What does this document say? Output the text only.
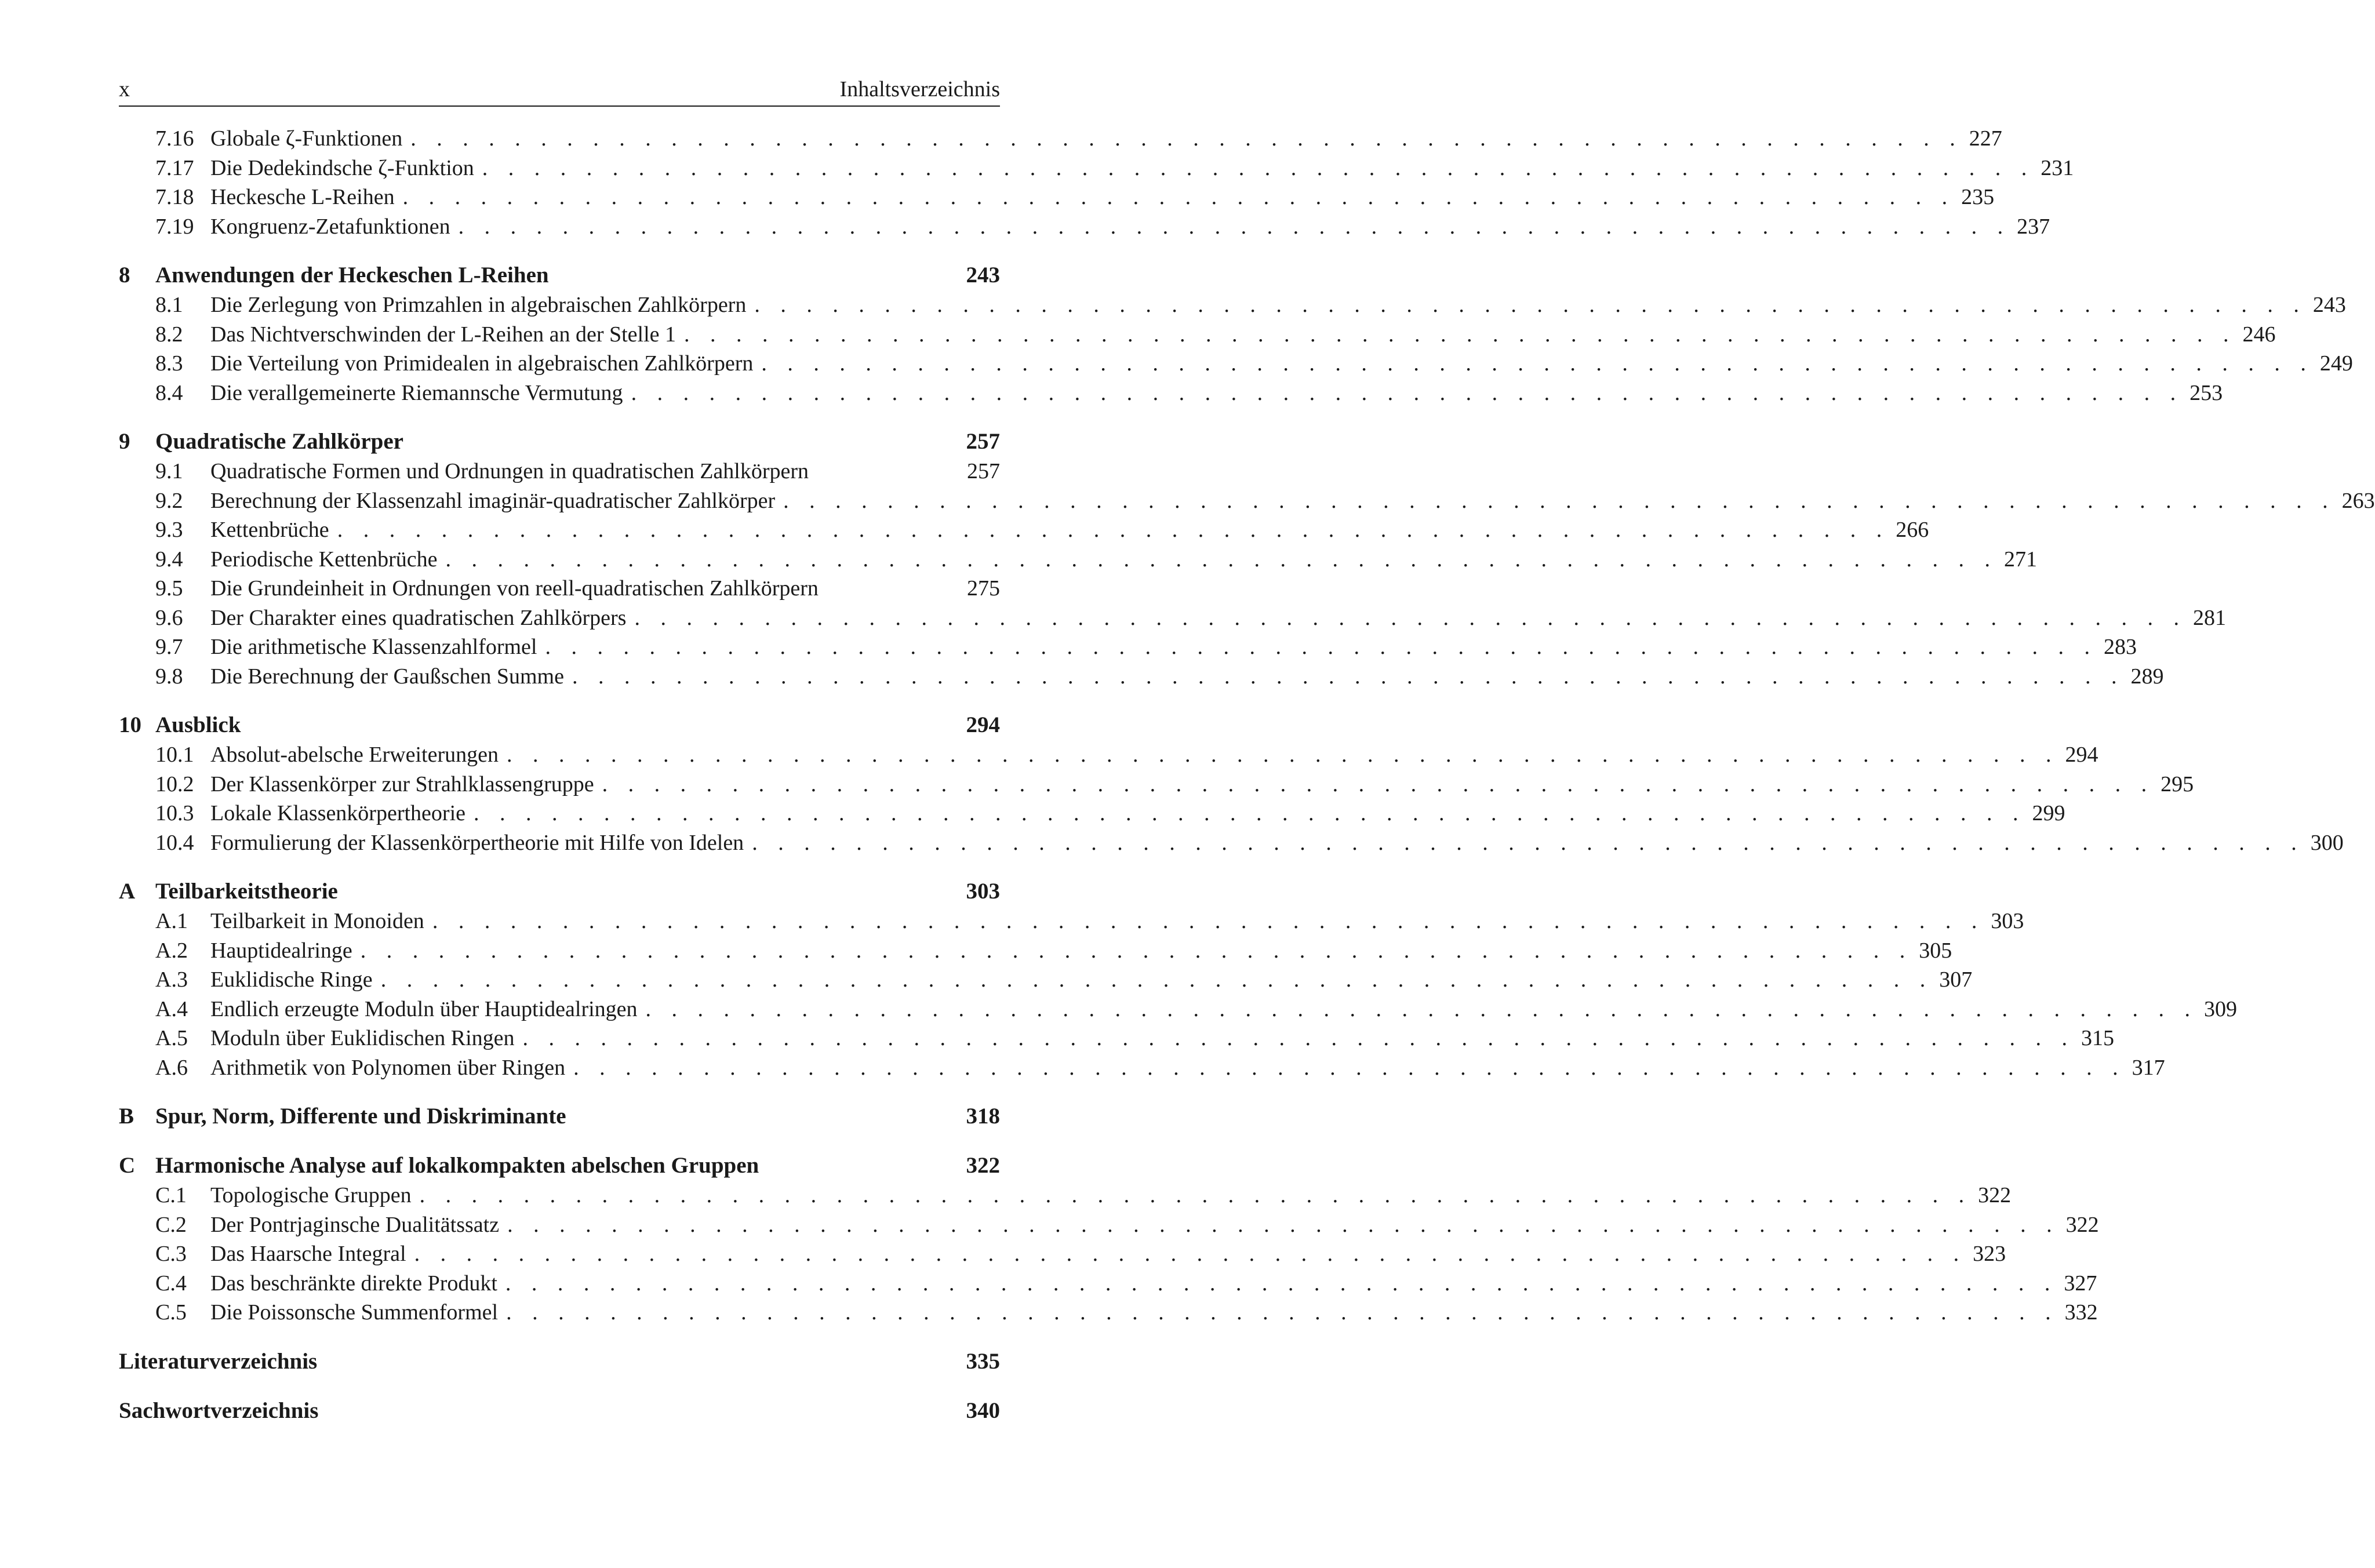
x	Inhaltsverzeichnis
7.16 Globale ζ-Funktionen . . .	227
7.17 Die Dedekindsche ζ-Funktion . . .	231
7.18 Heckesche L-Reihen . . .	235
7.19 Kongruenz-Zetafunktionen . . .	237
8	Anwendungen der Heckeschen L-Reihen	243
8.1	Die Zerlegung von Primzahlen in algebraischen Zahlkörpern . . .	243
8.2	Das Nichtverschwinden der L-Reihen an der Stelle 1 . . .	246
8.3	Die Verteilung von Primidealen in algebraischen Zahlkörpern . . .	249
8.4	Die verallgemeinerte Riemannsche Vermutung . . .	253
9	Quadratische Zahlkörper	257
9.1	Quadratische Formen und Ordnungen in quadratischen Zahlkörpern	257
9.2	Berechnung der Klassenzahl imaginär-quadratischer Zahlkörper . . .	263
9.3	Kettenbrüche . . .	266
9.4	Periodische Kettenbrüche . . .	271
9.5	Die Grundeinheit in Ordnungen von reell-quadratischen Zahlkörpern	275
9.6	Der Charakter eines quadratischen Zahlkörpers . . .	281
9.7	Die arithmetische Klassenzahlformel . . .	283
9.8	Die Berechnung der Gaußschen Summe . . .	289
10 Ausblick	294
10.1 Absolut-abelsche Erweiterungen . . .	294
10.2 Der Klassenkörper zur Strahlklassengruppe . . .	295
10.3 Lokale Klassenkörpertheorie . . .	299
10.4 Formulierung der Klassenkörpertheorie mit Hilfe von Idelen . . .	300
A Teilbarkeitstheorie	303
A.1	Teilbarkeit in Monoiden . . .	303
A.2	Hauptidealringe . . .	305
A.3	Euklidische Ringe . . .	307
A.4	Endlich erzeugte Moduln über Hauptidealringen . . .	309
A.5	Moduln über Euklidischen Ringen . . .	315
A.6	Arithmetik von Polynomen über Ringen . . .	317
B Spur, Norm, Differente und Diskriminante	318
C Harmonische Analyse auf lokalkompakten abelschen Gruppen	322
C.1	Topologische Gruppen . . .	322
C.2	Der Pontrjaginsche Dualitätssatz . . .	322
C.3	Das Haarsche Integral . . .	323
C.4	Das beschränkte direkte Produkt . . .	327
C.5	Die Poissonsche Summenformel . . .	332
Literaturverzeichnis	335
Sachwortverzeichnis	340
